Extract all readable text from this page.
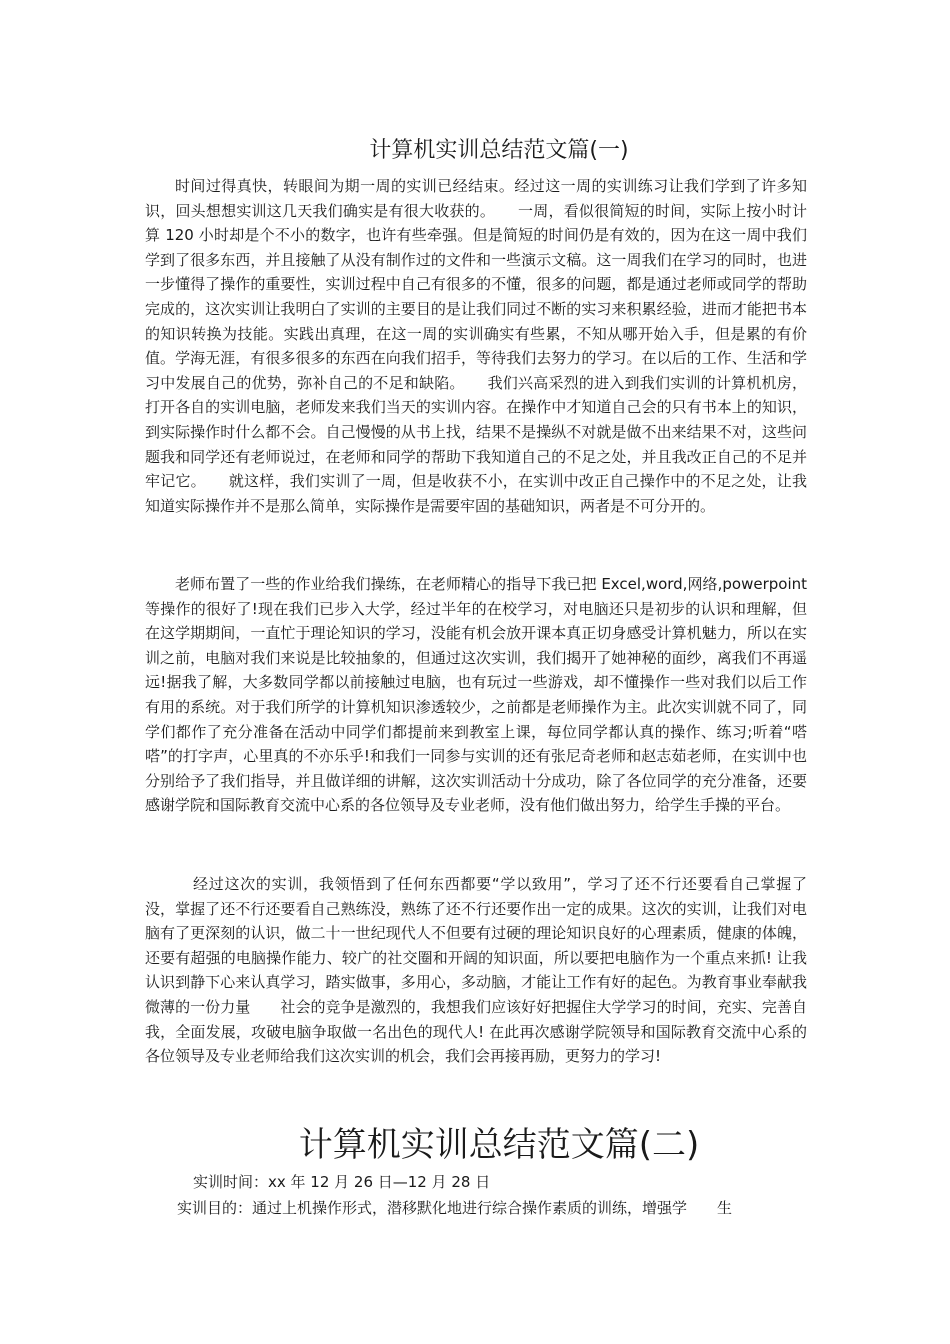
计算机实训总结范文篇(一)

时间过得真快，转眼间为期一周的实训已经结束。经过这一周的实训练习让我们学到了许多知识，回头想想实训这几天我们确实是有很大收获的。　　一周，看似很简短的时间，实际上按小时计算 120 小时却是个不小的数字，也许有些牵强。但是简短的时间仍是有效的，因为在这一周中我们学到了很多东西，并且接触了从没有制作过的文件和一些演示文稿。这一周我们在学习的同时，也进一步懂得了操作的重要性，实训过程中自己有很多的不懂，很多的问题，都是通过老师或同学的帮助完成的，这次实训让我明白了实训的主要目的是让我们同过不断的实习来积累经验，进而才能把书本的知识转换为技能。实践出真理，在这一周的实训确实有些累，不知从哪开始入手，但是累的有价值。学海无涯，有很多很多的东西在向我们招手，等待我们去努力的学习。在以后的工作、生活和学习中发展自己的优势，弥补自己的不足和缺陷。　　我们兴高采烈的进入到我们实训的计算机机房，打开各自的实训电脑，老师发来我们当天的实训内容。在操作中才知道自己会的只有书本上的知识，到实际操作时什么都不会。自己慢慢的从书上找，结果不是操纵不对就是做不出来结果不对，这些问题我和同学还有老师说过，在老师和同学的帮助下我知道自己的不足之处，并且我改正自己的不足并牢记它。　　就这样，我们实训了一周，但是收获不小，在实训中改正自己操作中的不足之处，让我知道实际操作并不是那么简单，实际操作是需要牢固的基础知识，两者是不可分开的。

老师布置了一些的作业给我们操练，在老师精心的指导下我已把 Excel,word,网络,powerpoint 等操作的很好了!现在我们已步入大学，经过半年的在校学习，对电脑还只是初步的认识和理解，但在这学期期间，一直忙于理论知识的学习，没能有机会放开课本真正切身感受计算机魅力，所以在实训之前，电脑对我们来说是比较抽象的，但通过这次实训，我们揭开了她神秘的面纱，离我们不再遥远!据我了解，大多数同学都以前接触过电脑，也有玩过一些游戏，却不懂操作一些对我们以后工作有用的系统。对于我们所学的计算机知识渗透较少，之前都是老师操作为主。此次实训就不同了，同学们都作了充分准备在活动中同学们都提前来到教室上课，每位同学都认真的操作、练习;听着“嗒嗒”的打字声，心里真的不亦乐乎!和我们一同参与实训的还有张尼奇老师和赵志茹老师，在实训中也分别给予了我们指导，并且做详细的讲解，这次实训活动十分成功，除了各位同学的充分准备，还要感谢学院和国际教育交流中心系的各位领导及专业老师，没有他们做出努力，给学生手操的平台。

经过这次的实训，我领悟到了任何东西都要“学以致用”，学习了还不行还要看自己掌握了没，掌握了还不行还要看自己熟练没，熟练了还不行还要作出一定的成果。这次的实训，让我们对电脑有了更深刻的认识，做二十一世纪现代人不但要有过硬的理论知识良好的心理素质，健康的体魄，还要有超强的电脑操作能力、较广的社交圈和开阔的知识面，所以要把电脑作为一个重点来抓! 让我认识到静下心来认真学习，踏实做事，多用心，多动脑，才能让工作有好的起色。为教育事业奉献我微薄的一份力量　　社会的竞争是激烈的，我想我们应该好好把握住大学学习的时间，充实、完善自我，全面发展，攻破电脑争取做一名出色的现代人! 在此再次感谢学院领导和国际教育交流中心系的各位领导及专业老师给我们这次实训的机会，我们会再接再励，更努力的学习!

计算机实训总结范文篇(二)

实训时间：xx 年 12 月 26 日—12 月 28 日

实训目的：通过上机操作形式，潜移默化地进行综合操作素质的训练，增强学　　生
